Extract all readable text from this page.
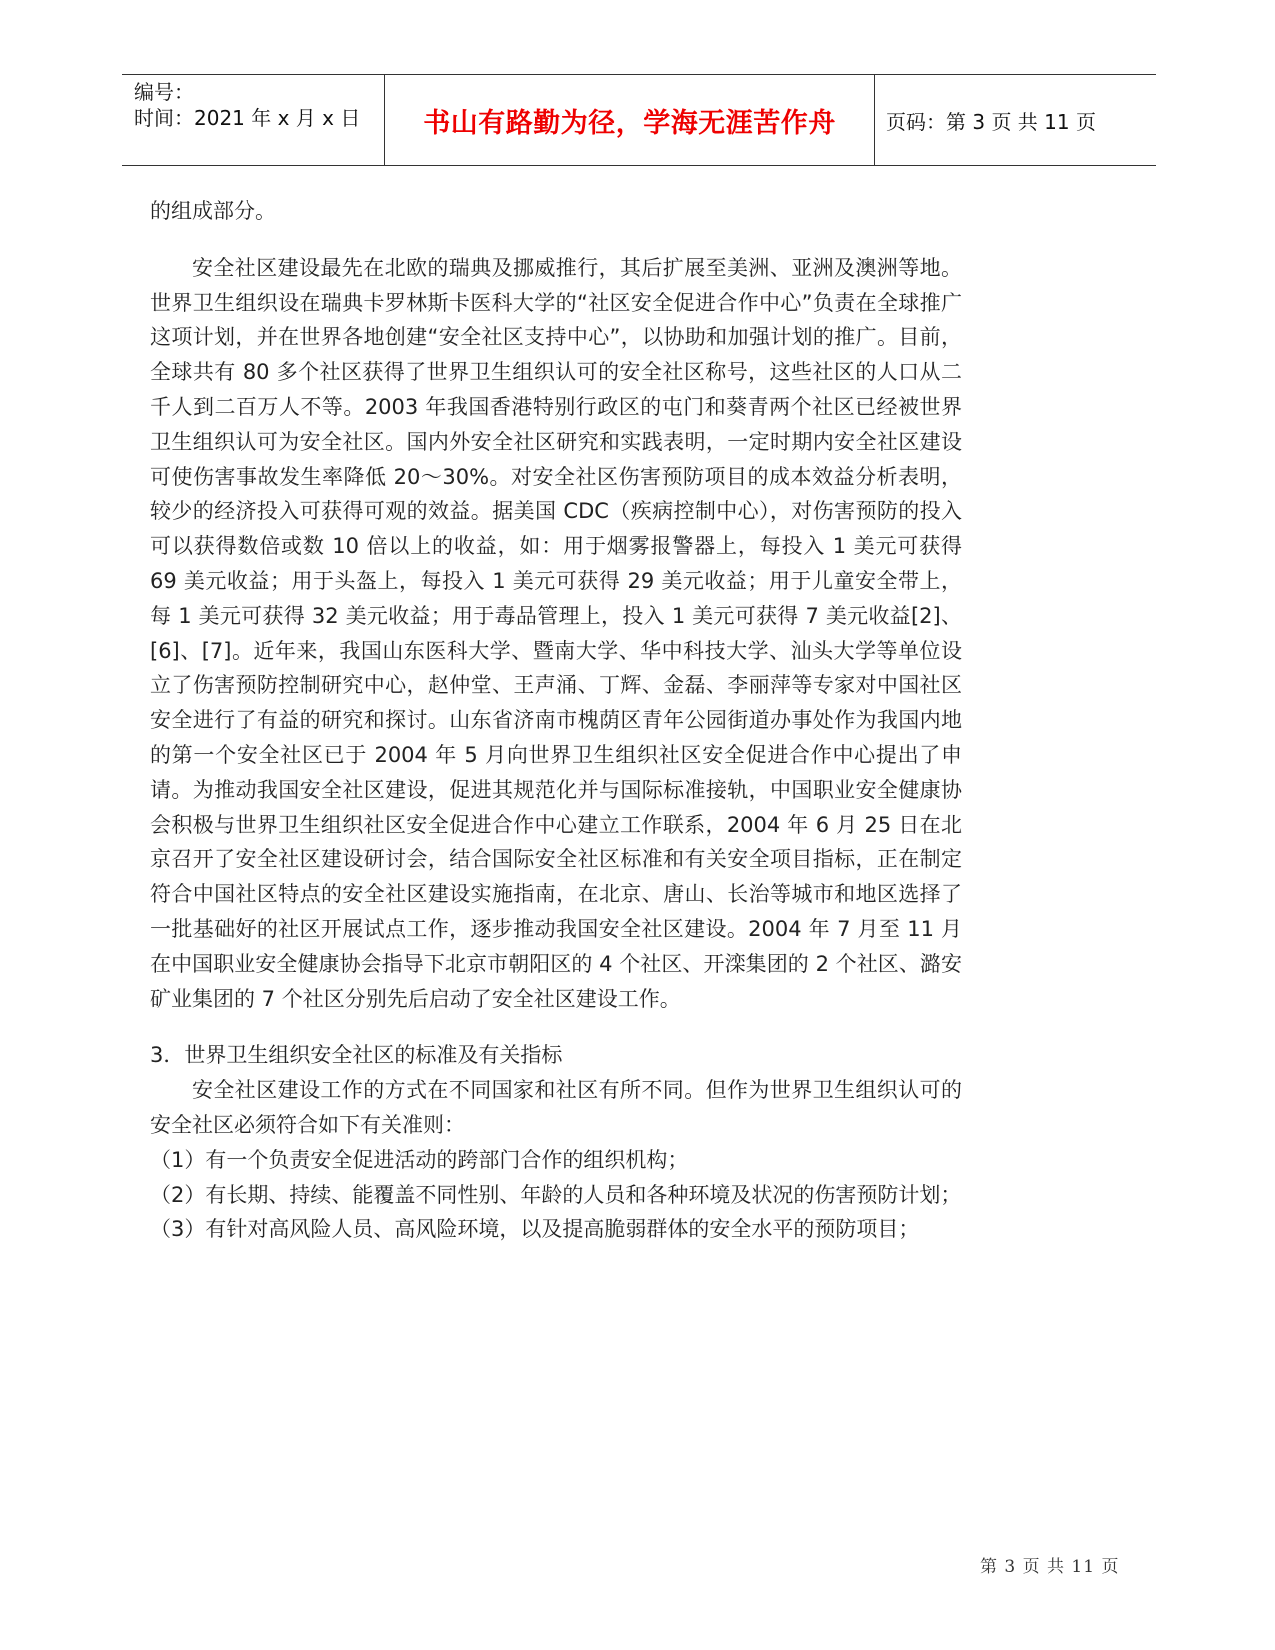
编号：
时间：2021 年 x 月 x 日	书山有路勤为径，学海无涯苦作舟	页码：第 3 页 共 11 页

的组成部分。

安全社区建设最先在北欧的瑞典及挪威推行，其后扩展至美洲、亚洲及澳洲等地。世界卫生组织设在瑞典卡罗林斯卡医科大学的“社区安全促进合作中心”负责在全球推广这项计划，并在世界各地创建“安全社区支持中心”，以协助和加强计划的推广。目前，全球共有 80 多个社区获得了世界卫生组织认可的安全社区称号，这些社区的人口从二千人到二百万人不等。2003 年我国香港特别行政区的屯门和葵青两个社区已经被世界卫生组织认可为安全社区。国内外安全社区研究和实践表明，一定时期内安全社区建设可使伤害事故发生率降低 20～30%。对安全社区伤害预防项目的成本效益分析表明，较少的经济投入可获得可观的效益。据美国 CDC（疾病控制中心），对伤害预防的投入可以获得数倍或数 10 倍以上的收益，如：用于烟雾报警器上，每投入 1 美元可获得 69 美元收益；用于头盔上，每投入 1 美元可获得 29 美元收益；用于儿童安全带上，每 1 美元可获得 32 美元收益；用于毒品管理上，投入 1 美元可获得 7 美元收益[2]、[6]、[7]。近年来，我国山东医科大学、暨南大学、华中科技大学、汕头大学等单位设立了伤害预防控制研究中心，赵仲堂、王声涌、丁辉、金磊、李丽萍等专家对中国社区安全进行了有益的研究和探讨。山东省济南市槐荫区青年公园街道办事处作为我国内地的第一个安全社区已于 2004 年 5 月向世界卫生组织社区安全促进合作中心提出了申请。为推动我国安全社区建设，促进其规范化并与国际标准接轨，中国职业安全健康协会积极与世界卫生组织社区安全促进合作中心建立工作联系，2004 年 6 月 25 日在北京召开了安全社区建设研讨会，结合国际安全社区标准和有关安全项目指标，正在制定符合中国社区特点的安全社区建设实施指南，在北京、唐山、长治等城市和地区选择了一批基础好的社区开展试点工作，逐步推动我国安全社区建设。2004 年 7 月至 11 月在中国职业安全健康协会指导下北京市朝阳区的 4 个社区、开滦集团的 2 个社区、潞安矿业集团的 7 个社区分别先后启动了安全社区建设工作。

3．世界卫生组织安全社区的标准及有关指标

安全社区建设工作的方式在不同国家和社区有所不同。但作为世界卫生组织认可的安全社区必须符合如下有关准则：

（1）有一个负责安全促进活动的跨部门合作的组织机构；

（2）有长期、持续、能覆盖不同性别、年龄的人员和各种环境及状况的伤害预防计划；

（3）有针对高风险人员、高风险环境，以及提高脆弱群体的安全水平的预防项目；

第 3 页 共 11 页
